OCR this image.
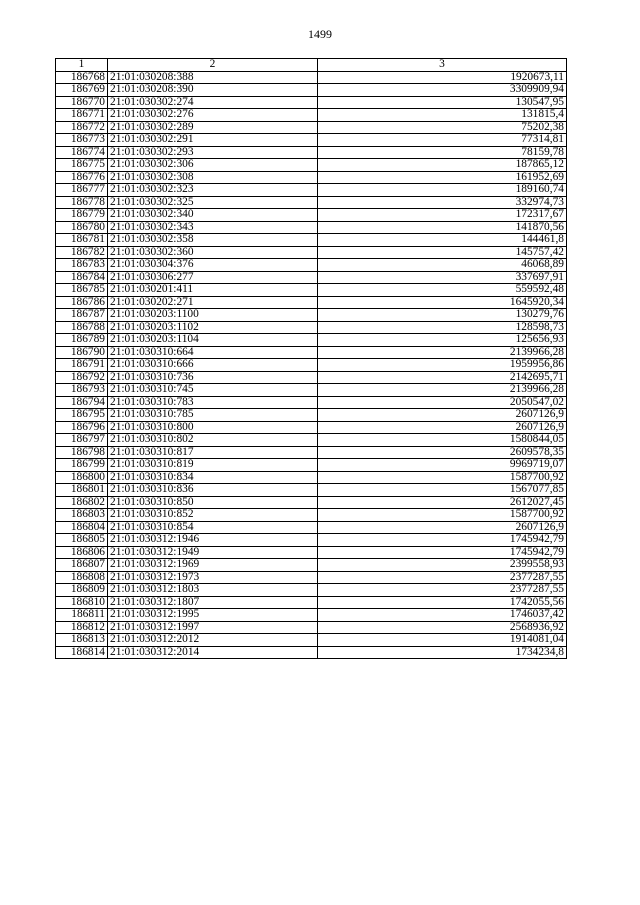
1499
1	2	3
186768	21:01:030208:388	1920673,11
186769	21:01:030208:390	3309909,94
186770	21:01:030302:274	130547,95
186771	21:01:030302:276	131815,4
186772	21:01:030302:289	75202,38
186773	21:01:030302:291	77314,81
186774	21:01:030302:293	78159,78
186775	21:01:030302:306	187865,12
186776	21:01:030302:308	161952,69
186777	21:01:030302:323	189160,74
186778	21:01:030302:325	332974,73
186779	21:01:030302:340	172317,67
186780	21:01:030302:343	141870,56
186781	21:01:030302:358	144461,8
186782	21:01:030302:360	145757,42
186783	21:01:030304:376	46068,89
186784	21:01:030306:277	337697,91
186785	21:01:030201:411	559592,48
186786	21:01:030202:271	1645920,34
186787	21:01:030203:1100	130279,76
186788	21:01:030203:1102	128598,73
186789	21:01:030203:1104	125656,93
186790	21:01:030310:664	2139966,28
186791	21:01:030310:666	1959956,86
186792	21:01:030310:736	2142695,71
186793	21:01:030310:745	2139966,28
186794	21:01:030310:783	2050547,02
186795	21:01:030310:785	2607126,9
186796	21:01:030310:800	2607126,9
186797	21:01:030310:802	1580844,05
186798	21:01:030310:817	2609578,35
186799	21:01:030310:819	9969719,07
186800	21:01:030310:834	1587700,92
186801	21:01:030310:836	1567077,85
186802	21:01:030310:850	2612027,45
186803	21:01:030310:852	1587700,92
186804	21:01:030310:854	2607126,9
186805	21:01:030312:1946	1745942,79
186806	21:01:030312:1949	1745942,79
186807	21:01:030312:1969	2399558,93
186808	21:01:030312:1973	2377287,55
186809	21:01:030312:1803	2377287,55
186810	21:01:030312:1807	1742055,56
186811	21:01:030312:1995	1746037,42
186812	21:01:030312:1997	2568936,92
186813	21:01:030312:2012	1914081,04
186814	21:01:030312:2014	1734234,8
